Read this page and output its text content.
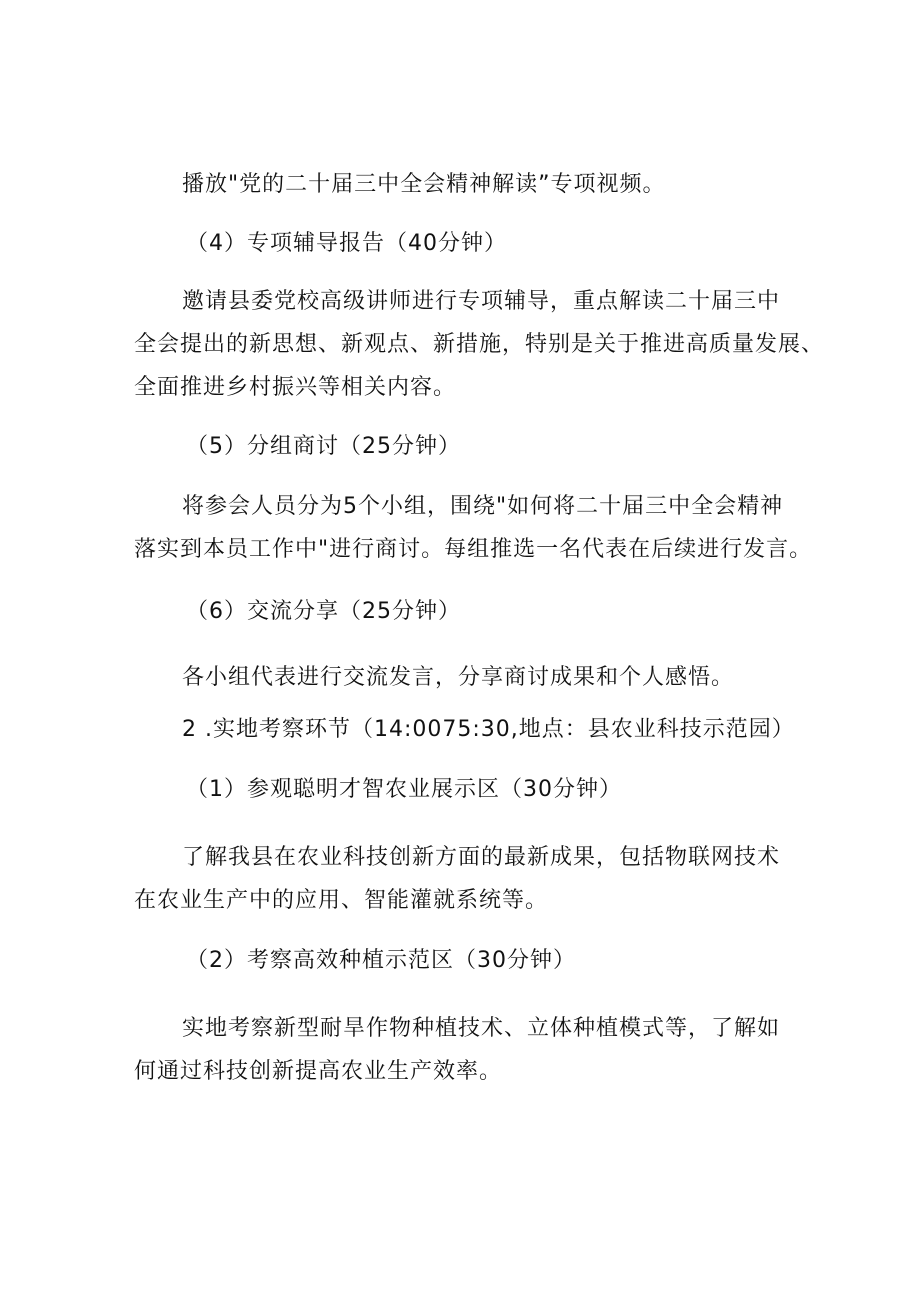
播放"党的二十届三中全会精神解读”专项视频。
（4）专项辅导报告（40分钟）
邀请县委党校高级讲师进行专项辅导，重点解读二十届三中
全会提出的新思想、新观点、新措施，特别是关于推进高质量发展、
全面推进乡村振兴等相关内容。
（5）分组商讨（25分钟）
将参会人员分为5个小组，围绕"如何将二十届三中全会精神
落实到本员工作中"进行商讨。每组推选一名代表在后续进行发言。
（6）交流分享（25分钟）
各小组代表进行交流发言，分享商讨成果和个人感悟。
2 .实地考察环节（14:0075:30,地点：县农业科技示范园）
（1）参观聪明才智农业展示区（30分钟）
了解我县在农业科技创新方面的最新成果，包括物联网技术
在农业生产中的应用、智能灌就系统等。
（2）考察高效种植示范区（30分钟）
实地考察新型耐旱作物种植技术、立体种植模式等，了解如
何通过科技创新提高农业生产效率。
